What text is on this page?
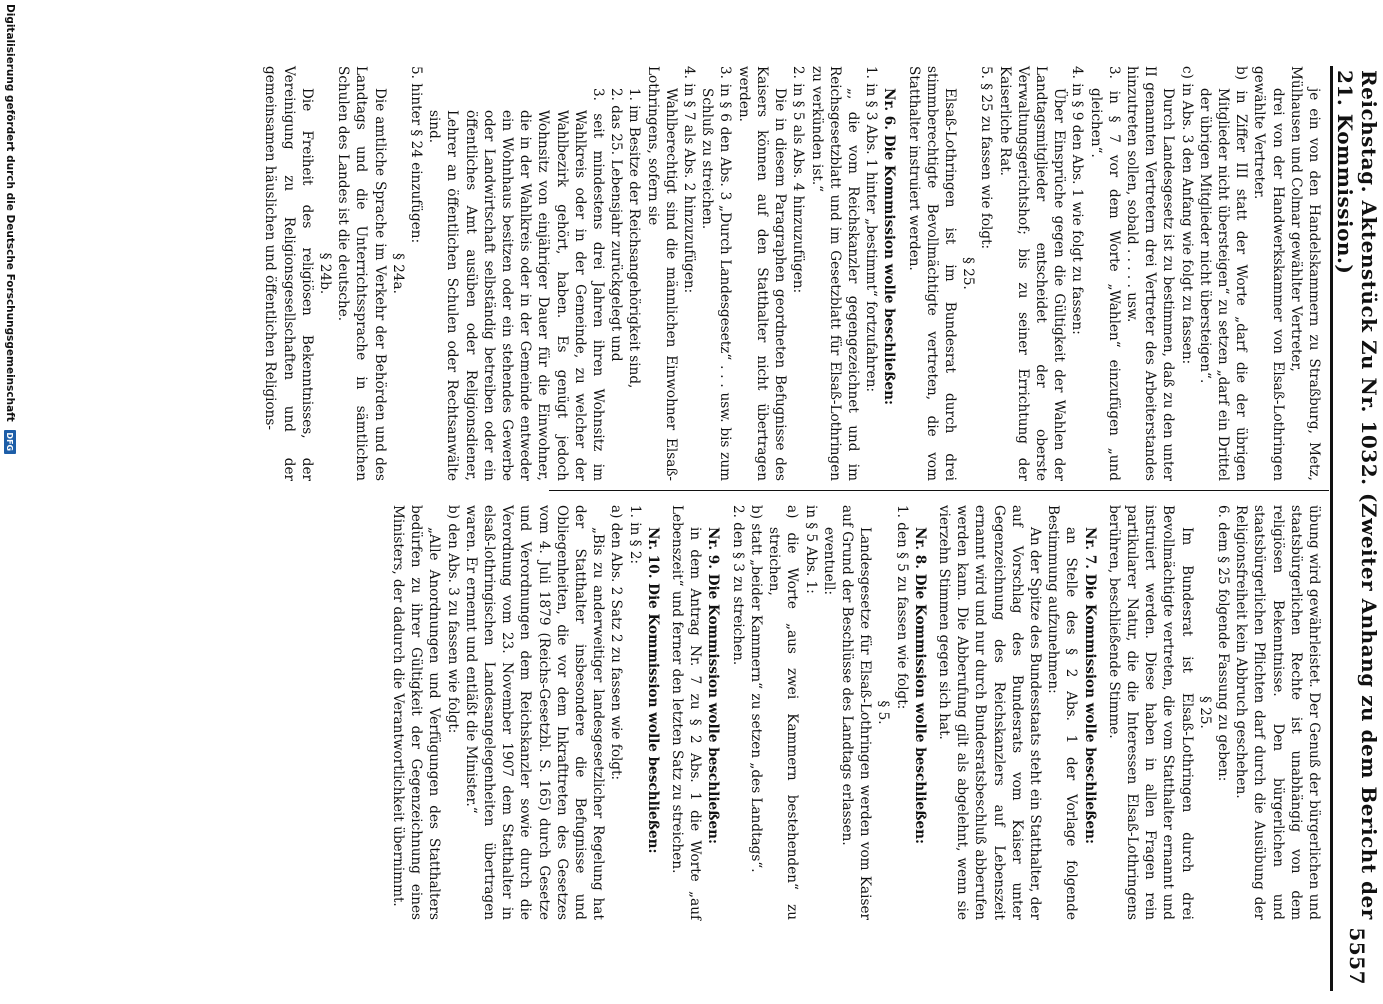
Reichstag. Aktenstück Zu Nr. 1032. (Zweiter Anhang zu dem Bericht der 21. Kommission.)
5557

je ein von den Handelskammern zu Straßburg, Metz, Mülhausen und Colmar gewählter Vertreter,

drei von der Handwerkskammer von Elsaß-Lothringen gewählte Vertreter.

b) in Ziffer III statt der Worte „darf die der übrigen Mitglieder nicht übersteigen“ zu setzen „darf ein Drittel der übrigen Mitglieder nicht übersteigen“.

c) in Abs. 3 den Anfang wie folgt zu fassen:

Durch Landesgesetz ist zu bestimmen, daß zu den unter II genannten Vertretern drei Vertreter des Arbeiterstandes hinzutreten sollen, sobald . . . . . usw.

3. in § 7 vor dem Worte „Wahlen“ einzufügen „und gleichen“.

4. in § 9 den Abs. 1 wie folgt zu fassen:

Über Einsprüche gegen die Gültigkeit der Wahlen der Landtagsmitglieder entscheidet der oberste Verwaltungsgerichtshof; bis zu seiner Errichtung der Kaiserliche Rat.

5. § 25 zu fassen wie folgt:

§ 25.

Elsaß-Lothringen ist im Bundesrat durch drei stimmberechtigte Bevollmächtigte vertreten, die vom Statthalter instruiert werden.

Nr. 6. Die Kommission wolle beschließen:

1. in § 3 Abs. 1 hinter „bestimmt“ fortzufahren:

„, die vom Reichskanzler gegengezeichnet und im Reichsgesetzblatt und im Gesetzblatt für Elsaß-Lothringen zu verkünden ist.“

2. in § 5 als Abs. 4 hinzuzufügen:

Die in diesem Paragraphen geordneten Befugnisse des Kaisers können auf den Statthalter nicht übertragen werden.

3. in § 6 den Abs. 3 „Durch Landesgesetz“ . . . usw. bis zum Schluß zu streichen.

4. in § 7 als Abs. 2 hinzuzufügen:

Wahlberechtigt sind die männlichen Einwohner Elsaß-Lothringens, sofern sie

1. im Besitze der Reichsangehörigkeit sind,

2. das 25. Lebensjahr zurückgelegt und

3. seit mindestens drei Jahren ihren Wohnsitz im Wahlkreis oder in der Gemeinde, zu welcher der Wahlbezirk gehört, haben. Es genügt jedoch Wohnsitz von einjähriger Dauer für die Einwohner, die in der Wahlkreis oder in der Gemeinde entweder ein Wohnhaus besitzen oder ein stehendes Gewerbe oder Landwirtschaft selbständig betreiben oder ein öffentliches Amt ausüben oder Religionsdiener, Lehrer an öffentlichen Schulen oder Rechtsanwälte sind.

5. hinter § 24 einzufügen:

§ 24a.

Die amtliche Sprache im Verkehr der Behörden und des Landtags und die Unterrichtssprache in sämtlichen Schulen des Landes ist die deutsche.

§ 24b.

Die Freiheit des religiösen Bekenntnisses, der Vereinigung zu Religionsgesellschaften und der gemeinsamen häuslichen und öffentlichen Religions-

übung wird gewährleistet. Der Genuß der bürgerlichen und staatsbürgerlichen Rechte ist unabhängig von dem religiösen Bekenntnisse. Den bürgerlichen und staatsbürgerlichen Pflichten darf durch die Ausübung der Religionsfreiheit kein Abbruch geschehen.

6. dem § 25 folgende Fassung zu geben:

§ 25.

Im Bundesrat ist Elsaß-Lothringen durch drei Bevollmächtigte vertreten, die vom Statthalter ernannt und instruiert werden. Diese haben in allen Fragen rein partikularer Natur, die die Interessen Elsaß-Lothringens berühren, beschließende Stimme.

Nr. 7. Die Kommission wolle beschließen:

an Stelle des § 2 Abs. 1 der Vorlage folgende Bestimmung aufzunehmen:

An der Spitze des Bundesstaats steht ein Statthalter, der auf Vorschlag des Bundesrats vom Kaiser unter Gegenzeichnung des Reichskanzlers auf Lebenszeit ernannt wird und nur durch Bundesratsbeschluß abberufen werden kann. Die Abberufung gilt als abgelehnt, wenn sie vierzehn Stimmen gegen sich hat.

Nr. 8. Die Kommission wolle beschließen:

1. den § 5 zu fassen wie folgt:

§ 5.

Landesgesetze für Elsaß-Lothringen werden vom Kaiser auf Grund der Beschlüsse des Landtags erlassen.

eventuell:

in § 5 Abs. 1:

a) die Worte „aus zwei Kammern bestehenden“ zu streichen,

b) statt „beider Kammern“ zu setzen „des Landtags“.

2. den § 3 zu streichen.

Nr. 9. Die Kommission wolle beschließen:

in dem Antrag Nr. 7 zu § 2 Abs. 1 die Worte „auf Lebenszeit“ und ferner den letzten Satz zu streichen.

Nr. 10. Die Kommission wolle beschließen:

1. in § 2:

a) den Abs. 2 Satz 2 zu fassen wie folgt:

„Bis zu anderweitiger landesgesetzlicher Regelung hat der Statthalter insbesondere die Befugnisse und Obliegenheiten, die vor dem Inkrafttreten des Gesetzes vom 4. Juli 1879 (Reichs-Gesetzbl. S. 165) durch Gesetze und Verordnungen dem Reichskanzler sowie durch die Verordnung vom 23. November 1907 dem Statthalter in elsaß-lothringischen Landesangelegenheiten übertragen waren. Er ernennt und entläßt die Minister.“

b) den Abs. 3 zu fassen wie folgt:

„Alle Anordnungen und Verfügungen des Statthalters bedürfen zu ihrer Gültigkeit der Gegenzeichnung eines Ministers, der dadurch die Verantwortlichkeit übernimmt.

Digitalisierung gefördert durch die Deutsche Forschungsgemeinschaft
DFG
